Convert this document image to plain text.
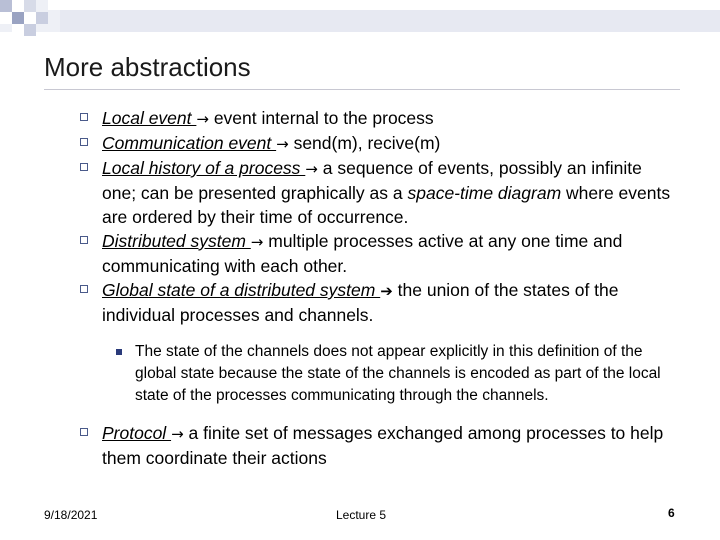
More abstractions
Local event → event internal to the process
Communication event → send(m), recive(m)
Local history of a process → a sequence of events, possibly an infinite one; can be presented graphically as a space-time diagram where events are ordered by their time of occurrence.
Distributed system → multiple processes active at any one time and communicating with each other.
Global state of a distributed system ➔ the union of the states of the individual processes and channels.
The state of the channels does not appear explicitly in this definition of the global state because the state of the channels is encoded as part of the local state of the processes communicating through the channels.
Protocol → a finite set of messages exchanged among processes to help them coordinate their actions
9/18/2021	Lecture 5	6
